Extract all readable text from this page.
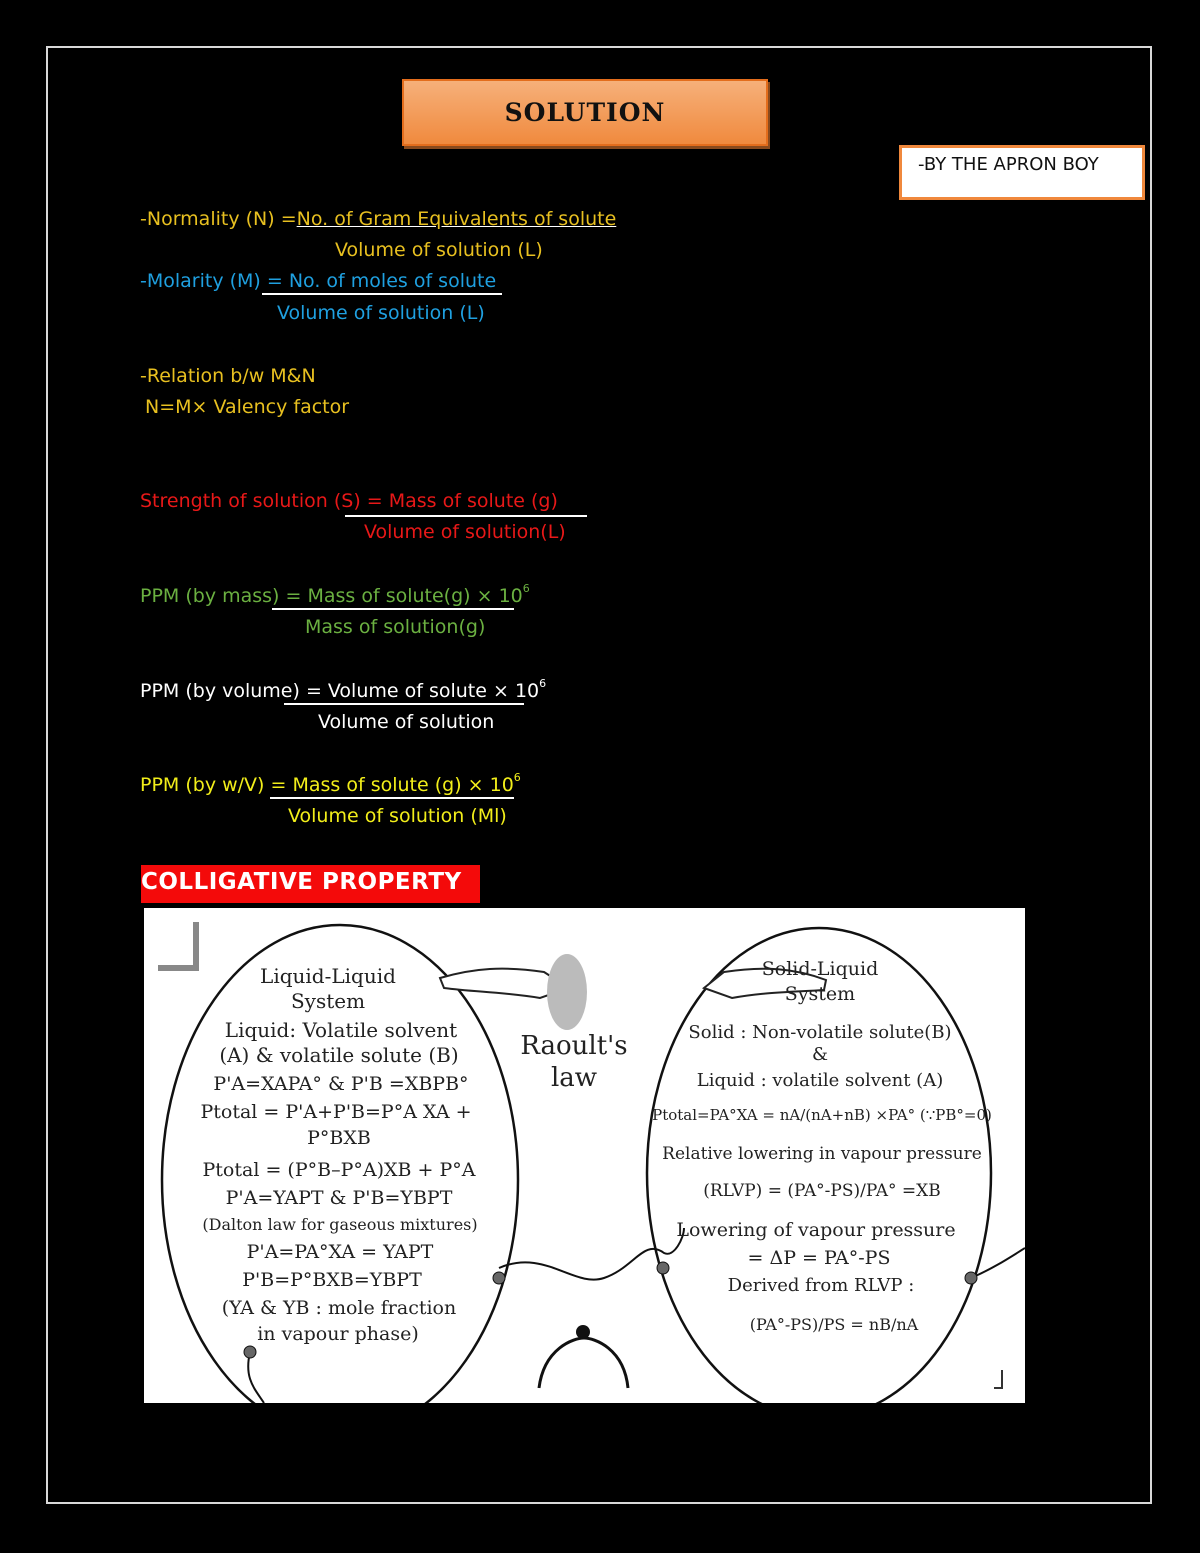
SOLUTION
-BY THE APRON BOY
-Normality (N) =No. of Gram Equivalents of solute
Volume of solution (L)
-Molarity (M) = No. of moles of solute
Volume of solution (L)
-Relation b/w M&N
N=M× Valency factor
Strength of solution (S) = Mass of solute (g)
Volume of solution(L)
PPM (by mass) = Mass of solute(g) × $10^6$
Mass of solution(g)
PPM (by volume) = Volume of solute × $10^6$
Volume of solution
PPM (by w/V) = Mass of solute $(g) \times 10^6$
Volume of solution (Ml)
COLLIGATIVE PROPERTY
Raoult's
law
Liquid-Liquid
System
Liquid: Volatile solvent
(A) & volatile solute (B)
P'A=XAPA° & P'B =XBPB°
Ptotal = P'A+P'B=P°A XA +
P°BXB
Ptotal = (P°B–P°A)XB + P°A
P'A=YAPT & P'B=YBPT
(Dalton law for gaseous mixtures)
P'A=PA°XA = YAPT
P'B=P°BXB=YBPT
(YA & YB : mole fraction
in vapour phase)
Solid-Liquid
System
Solid : Non-volatile solute(B)
&
Liquid : volatile solvent (A)
Ptotal=PA°XA = nA/(nA+nB) ×PA° (∵PB°=0)
Relative lowering in vapour pressure
(RLVP) = (PA°-PS)/PA° =XB
Lowering of vapour pressure
= ΔP = PA°-PS
Derived from RLVP :
(PA°-PS)/PS = nB/nA
